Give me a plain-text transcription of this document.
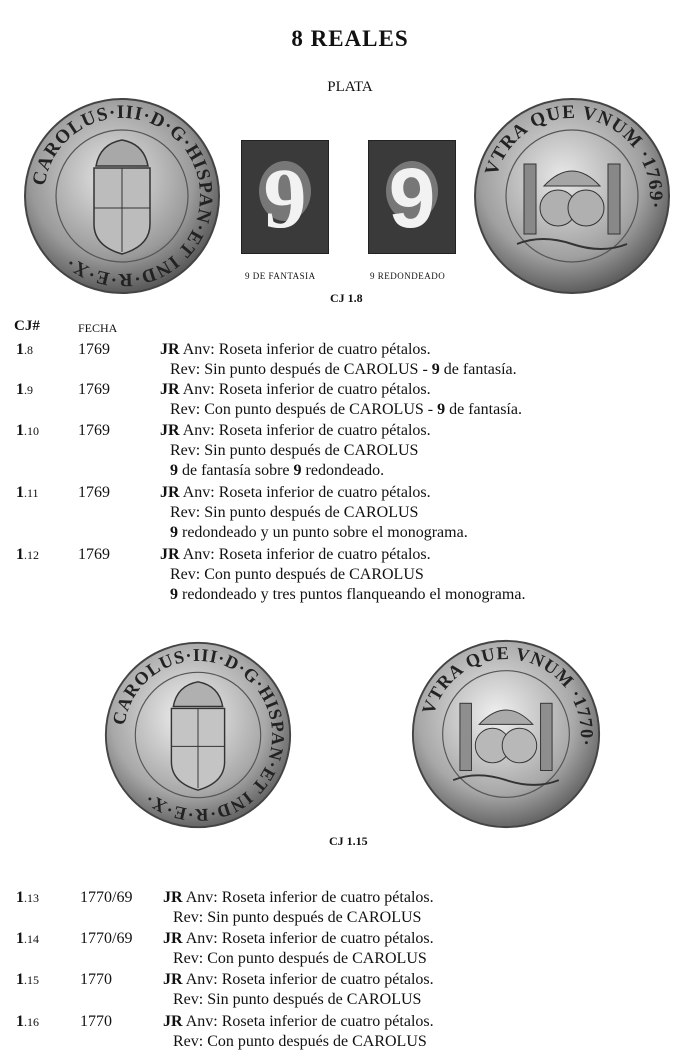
8 REALES
PLATA
CAROLUS·III·D·G·HISPAN·ET IND·R·E·X·
9 9
9 DE FANTASIA	9 REDONDEADO
VTRA QUE VNUM ·1769·
CJ 1.8
CJ#	FECHA
1.8	1769	JR Anv: Roseta inferior de cuatro pétalos.
Rev: Sin punto después de CAROLUS - 9 de fantasía.
1.9	1769	JR Anv: Roseta inferior de cuatro pétalos.
Rev: Con punto después de CAROLUS - 9 de fantasía.
1.10 1769	JR Anv: Roseta inferior de cuatro pétalos.
Rev: Sin punto después de CAROLUS
9 de fantasía sobre 9 redondeado.
1.11 1769	JR Anv: Roseta inferior de cuatro pétalos.
Rev: Sin punto después de CAROLUS
9 redondeado y un punto sobre el monograma.
1.12 1769	JR Anv: Roseta inferior de cuatro pétalos.
Rev: Con punto después de CAROLUS
9 redondeado y tres puntos flanqueando el monograma.
CAROLUS·III·D·G·HISPAN·ET IND·R·E·X·
VTRA QUE VNUM ·1770·
CJ 1.15
1.13	1770/69 JR Anv: Roseta inferior de cuatro pétalos.
Rev: Sin punto después de CAROLUS
1.14	1770/69 JR Anv: Roseta inferior de cuatro pétalos.
Rev: Con punto después de CAROLUS
1.15	1770	JR Anv: Roseta inferior de cuatro pétalos.
Rev: Sin punto después de CAROLUS
1.16	1770	JR Anv: Roseta inferior de cuatro pétalos.
Rev: Con punto después de CAROLUS
